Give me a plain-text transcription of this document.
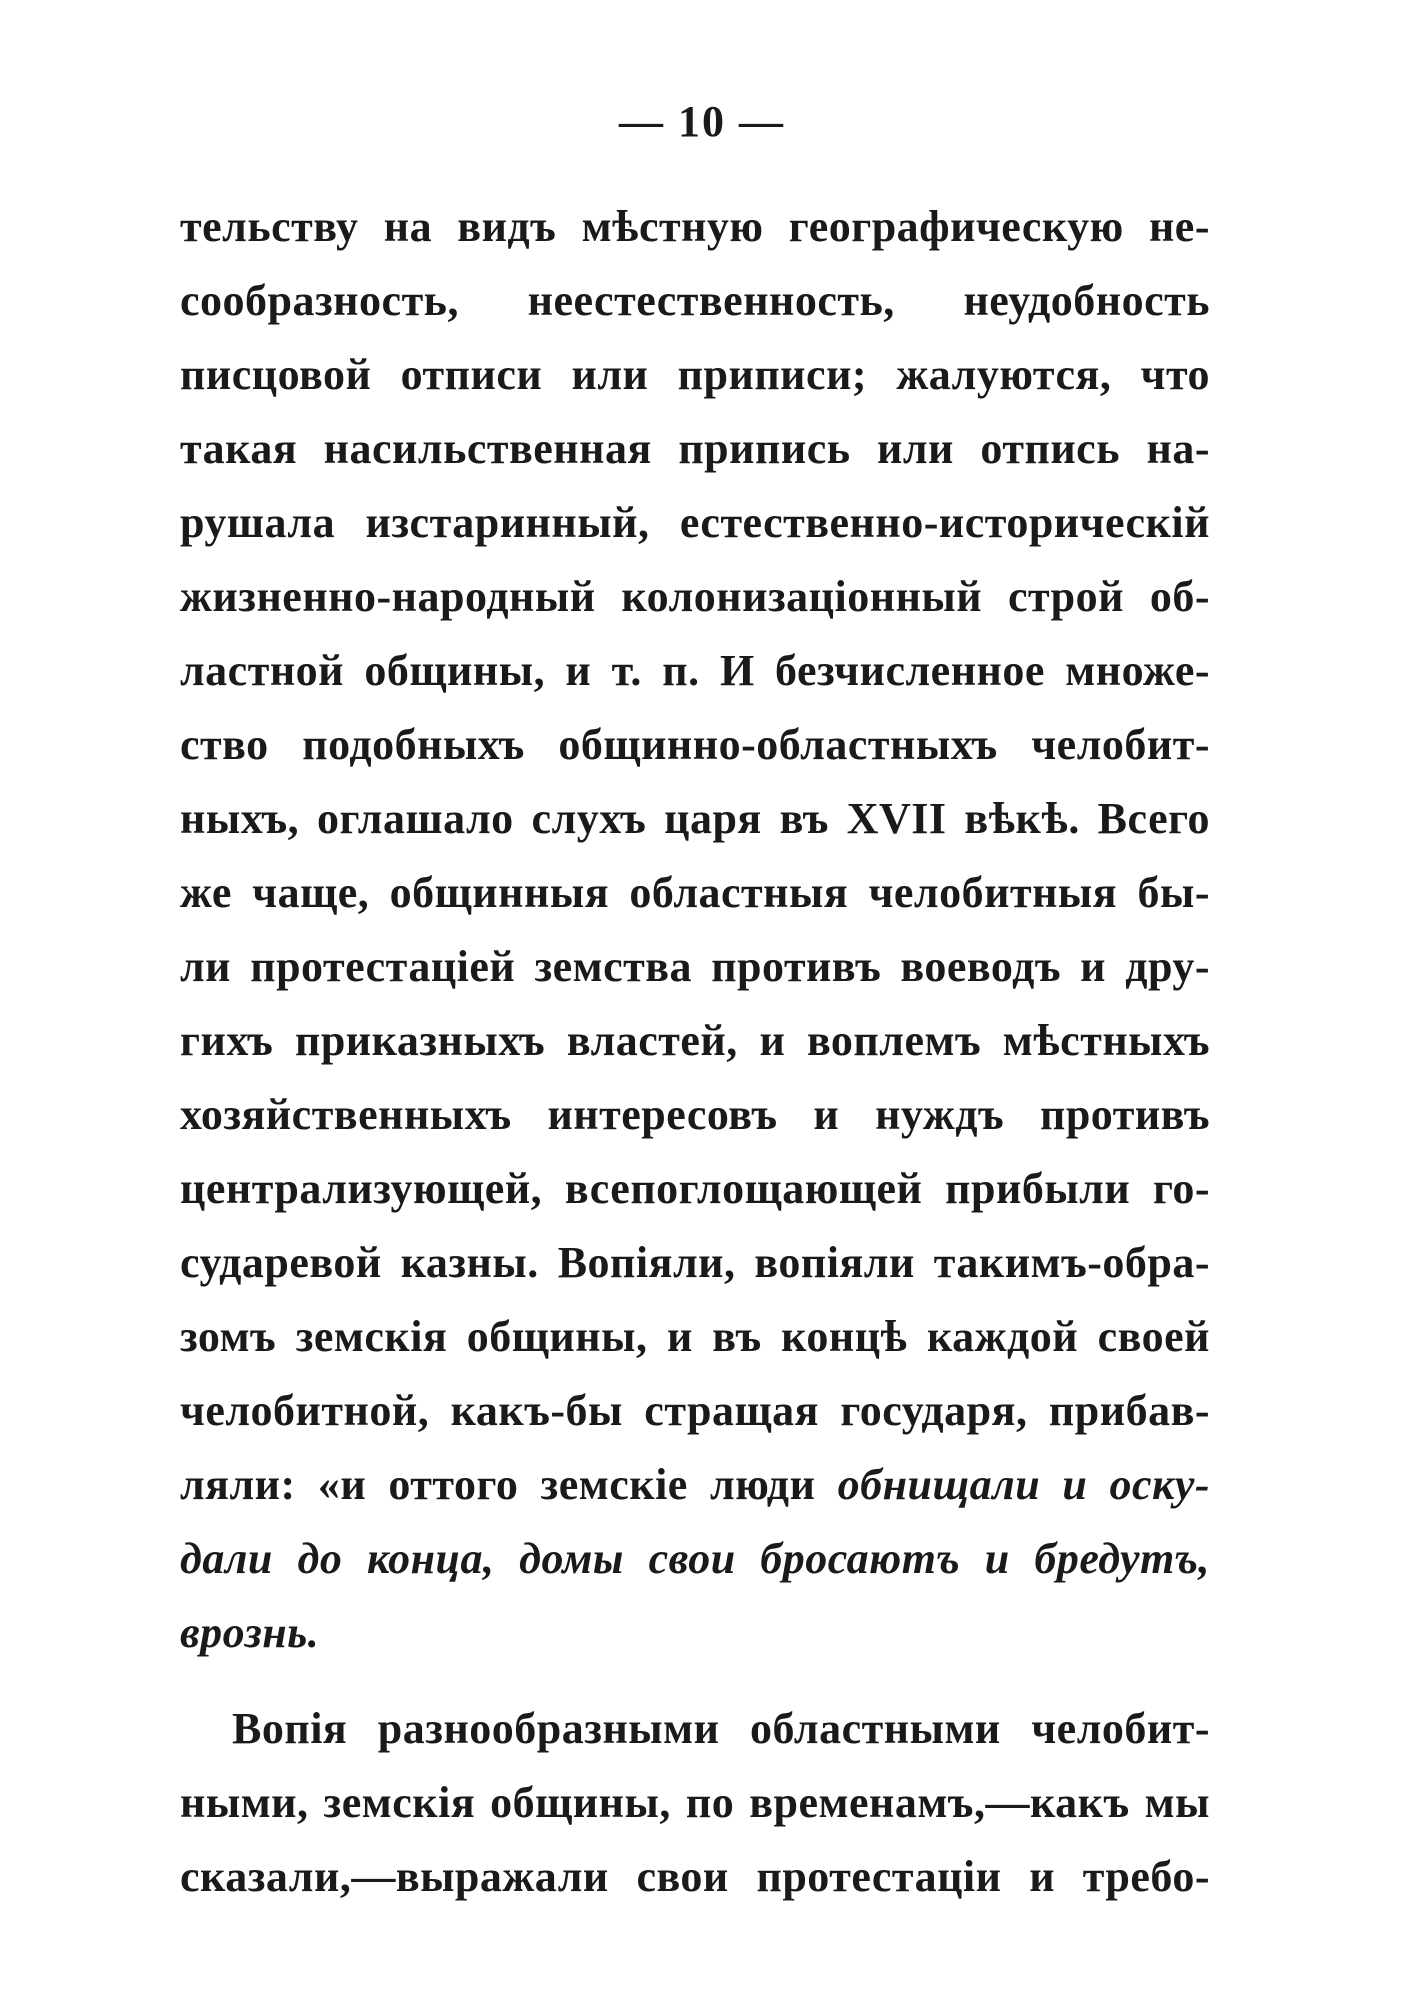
— 10 —
тельству на видъ мѣстную географическую не-
сообразность, неестественность, неудобность
писцовой отписи или приписи; жалуются, что
такая насильственная припись или отпись на-
рушала изстаринный, естественно-историческій
жизненно-народный колонизаціонный строй об-
ластной общины, и т. п. И безчисленное множе-
ство подобныхъ общинно-областныхъ челобит-
ныхъ, оглашало слухъ царя въ XVII вѣкѣ. Всего
же чаще, общинныя областныя челобитныя бы-
ли протестаціей земства противъ воеводъ и дру-
гихъ приказныхъ властей, и воплемъ мѣстныхъ
хозяйственныхъ интересовъ и нуждъ противъ
централизующей, всепоглощающей прибыли го-
сударевой казны. Вопіяли, вопіяли такимъ-обра-
зомъ земскія общины, и въ концѣ каждой своей
челобитной, какъ-бы стращая государя, прибав-
ляли: «и оттого земскіе люди обнищали и оску-
дали до конца, домы свои бросаютъ и бредутъ,
врознь.
Вопія разнообразными областными челобит-
ными, земскія общины, по временамъ,—какъ мы
сказали,—выражали свои протестаціи и требо-
